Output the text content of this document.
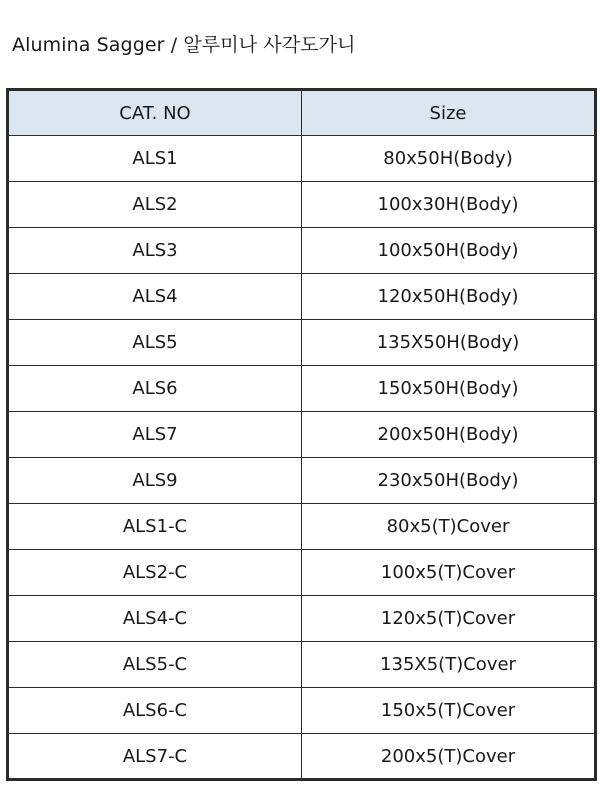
Alumina Sagger / 알루미나 사각도가니
CAT. NO	Size
ALS1	80x50H(Body)
ALS2	100x30H(Body)
ALS3	100x50H(Body)
ALS4	120x50H(Body)
ALS5	135X50H(Body)
ALS6	150x50H(Body)
ALS7	200x50H(Body)
ALS9	230x50H(Body)
ALS1-C	80x5(T)Cover
ALS2-C	100x5(T)Cover
ALS4-C	120x5(T)Cover
ALS5-C	135X5(T)Cover
ALS6-C	150x5(T)Cover
ALS7-C	200x5(T)Cover
